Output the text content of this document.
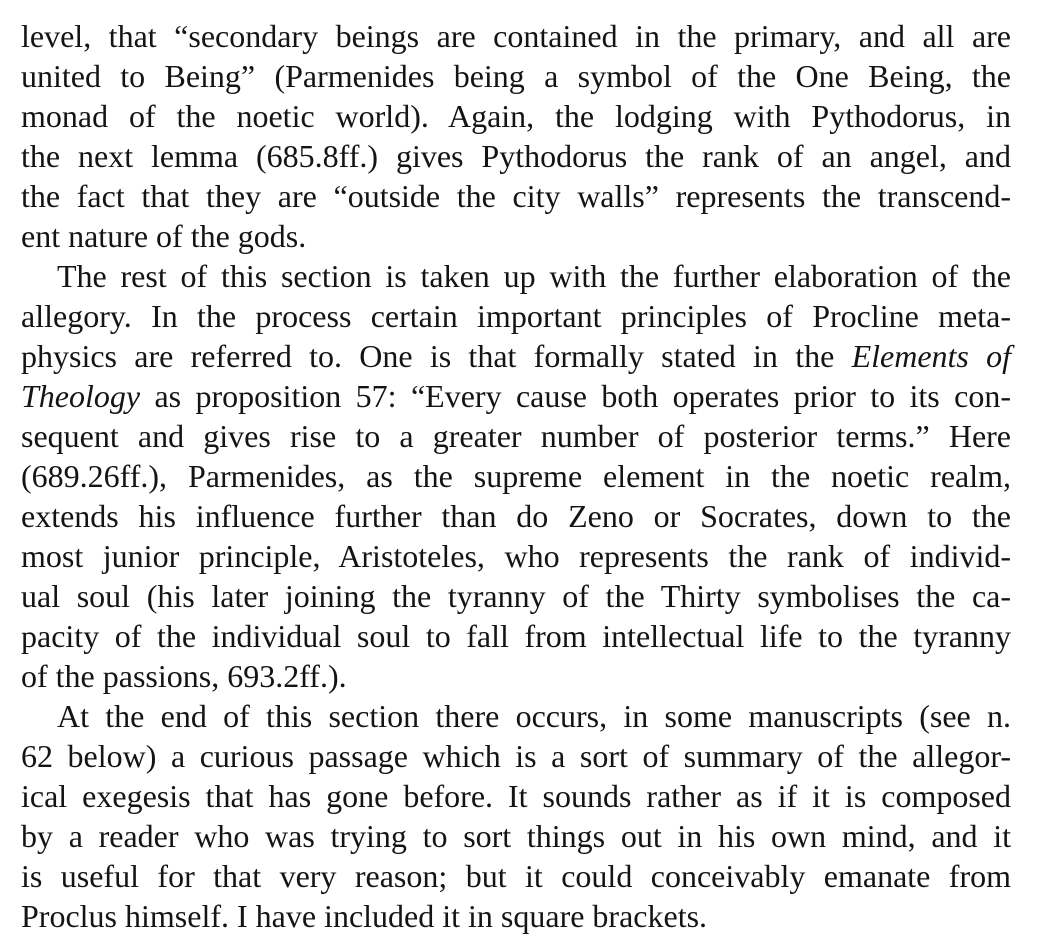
level, that “secondary beings are contained in the primary, and all are
united to Being” (Parmenides being a symbol of the One Being, the
monad of the noetic world). Again, the lodging with Pythodorus, in
the next lemma (685.8ff.) gives Pythodorus the rank of an angel, and
the fact that they are “outside the city walls” represents the transcend-
ent nature of the gods.
The rest of this section is taken up with the further elaboration of the
allegory. In the process certain important principles of Procline meta-
physics are referred to. One is that formally stated in the Elements of
Theology as proposition 57: “Every cause both operates prior to its con-
sequent and gives rise to a greater number of posterior terms.” Here
(689.26ff.), Parmenides, as the supreme element in the noetic realm,
extends his influence further than do Zeno or Socrates, down to the
most junior principle, Aristoteles, who represents the rank of individ-
ual soul (his later joining the tyranny of the Thirty symbolises the ca-
pacity of the individual soul to fall from intellectual life to the tyranny
of the passions, 693.2ff.).
At the end of this section there occurs, in some manuscripts (see n.
62 below) a curious passage which is a sort of summary of the allegor-
ical exegesis that has gone before. It sounds rather as if it is composed
by a reader who was trying to sort things out in his own mind, and it
is useful for that very reason; but it could conceivably emanate from
Proclus himself. I have included it in square brackets.
